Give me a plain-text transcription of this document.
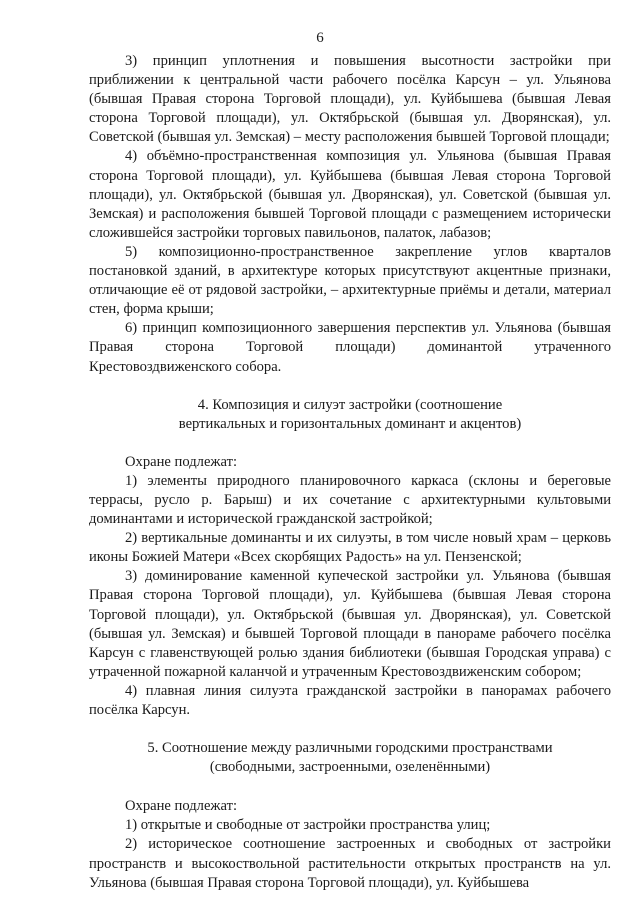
6

3) принцип уплотнения и повышения высотности застройки при приближении к центральной части рабочего посёлка Карсун – ул. Ульянова (бывшая Правая сторона Торговой площади), ул. Куйбышева (бывшая Левая сторона Торговой площади), ул. Октябрьской (бывшая ул. Дворянская), ул. Советской (бывшая ул. Земская) – месту расположения бывшей Торговой площади;

4) объёмно-пространственная композиция ул. Ульянова (бывшая Правая сторона Торговой площади), ул. Куйбышева (бывшая Левая сторона Торговой площади), ул. Октябрьской (бывшая ул. Дворянская), ул. Советской (бывшая ул. Земская) и расположения бывшей Торговой площади с размещением исторически сложившейся застройки торговых павильонов, палаток, лабазов;

5) композиционно-пространственное закрепление углов кварталов постановкой зданий, в архитектуре которых присутствуют акцентные признаки, отличающие её от рядовой застройки, – архитектурные приёмы и детали, материал стен, форма крыши;

6) принцип композиционного завершения перспектив ул. Ульянова (бывшая Правая сторона Торговой площади) доминантой утраченного Крестовоздвиженского собора.

4. Композиция и силуэт застройки (соотношение

вертикальных и горизонтальных доминант и акцентов)

Охране подлежат:

1) элементы природного планировочного каркаса (склоны и береговые террасы, русло р. Барыш) и их сочетание с архитектурными культовыми доминантами и исторической гражданской застройкой;

2) вертикальные доминанты и их силуэты, в том числе новый храм – церковь иконы Божией Матери «Всех скорбящих Радость» на ул. Пензенской;

3) доминирование каменной купеческой застройки ул. Ульянова (бывшая Правая сторона Торговой площади), ул. Куйбышева (бывшая Левая сторона Торговой площади), ул. Октябрьской (бывшая ул. Дворянская), ул. Советской (бывшая ул. Земская) и бывшей Торговой площади в панораме рабочего посёлка Карсун с главенствующей ролью здания библиотеки (бывшая Городская управа) с утраченной пожарной каланчой и утраченным Крестовоздвиженским собором;

4) плавная линия силуэта гражданской застройки в панорамах рабочего посёлка Карсун.

5. Соотношение между различными городскими пространствами

(свободными, застроенными, озеленёнными)

Охране подлежат:

1) открытые и свободные от застройки пространства улиц;

2) историческое соотношение застроенных и свободных от застройки пространств и высокоствольной растительности открытых пространств на ул. Ульянова (бывшая Правая сторона Торговой площади), ул. Куйбышева
